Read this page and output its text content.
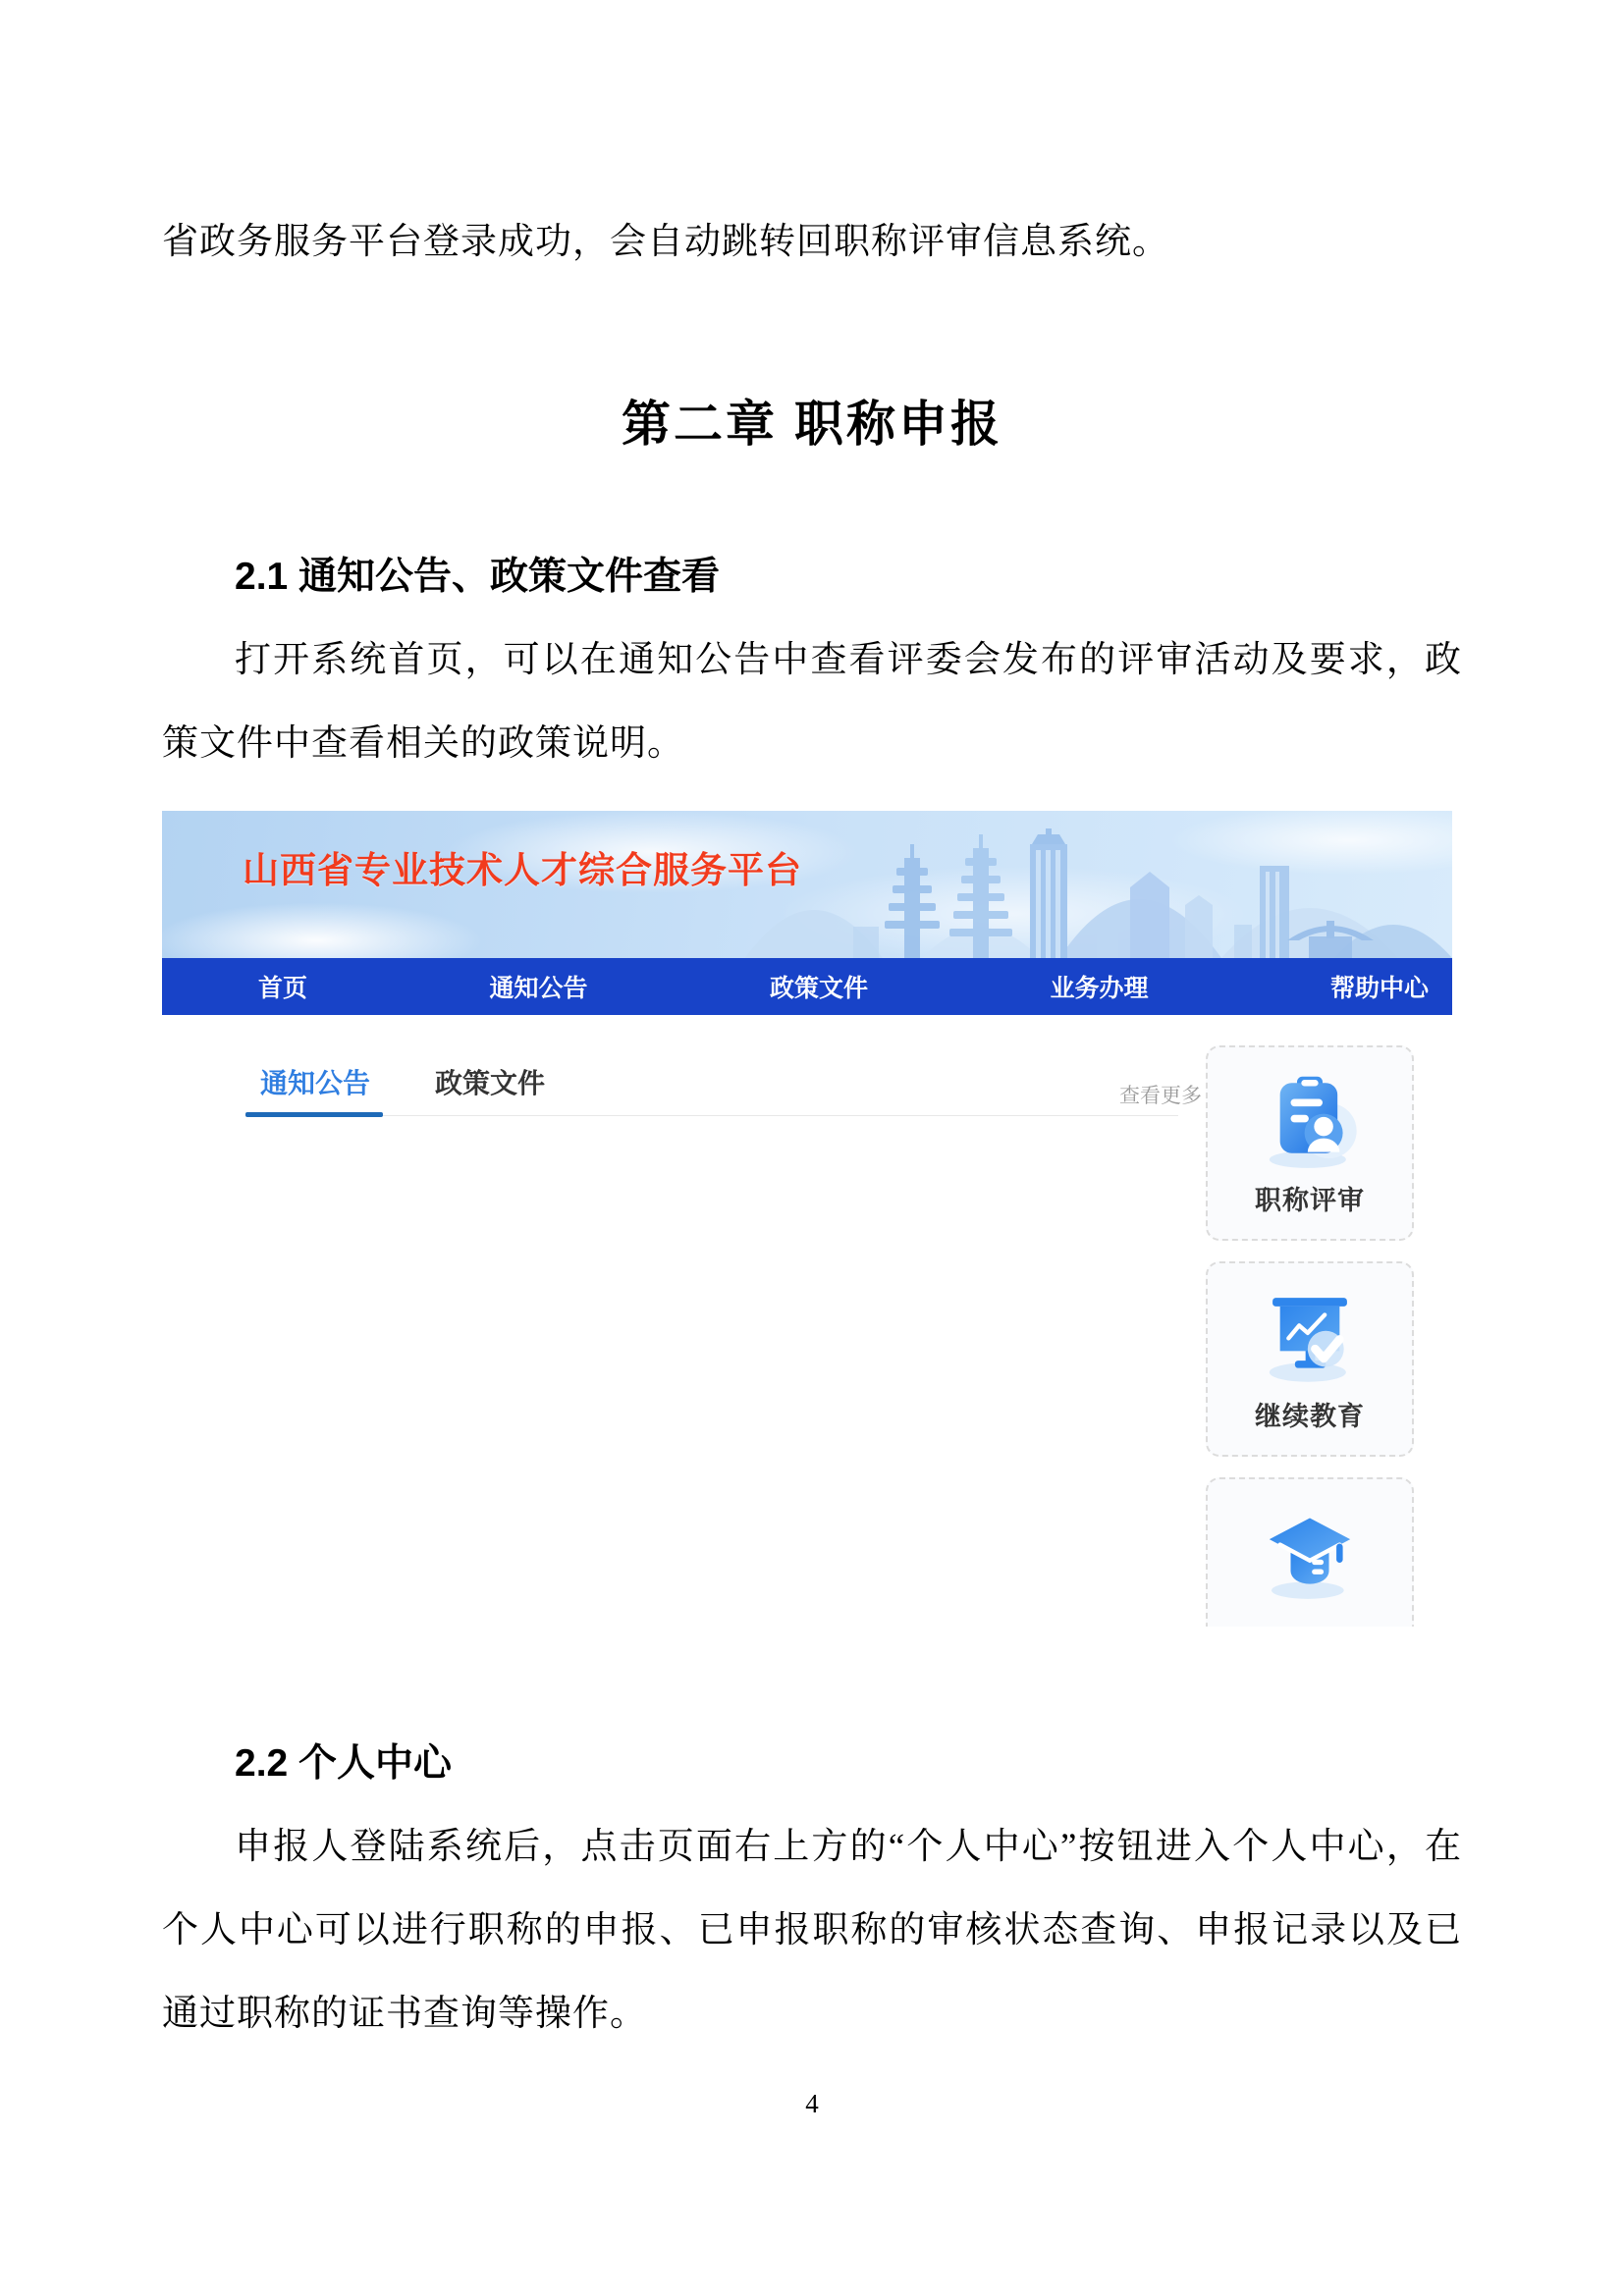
省政务服务平台登录成功，会自动跳转回职称评审信息系统。

第二章 职称申报
2.1 通知公告、政策文件查看

打开系统首页，可以在通知公告中查看评委会发布的评审活动及要求，政策文件中查看相关的政策说明。

山西省专业技术人才综合服务平台
首页	通知公告	政策文件	业务办理	帮助中心
通知公告 政策文件	查看更多
职称评审
继续教育
2.2 个人中心

申报人登陆系统后，点击页面右上方的“个人中心”按钮进入个人中心，在个人中心可以进行职称的申报、已申报职称的审核状态查询、申报记录以及已通过职称的证书查询等操作。

4
